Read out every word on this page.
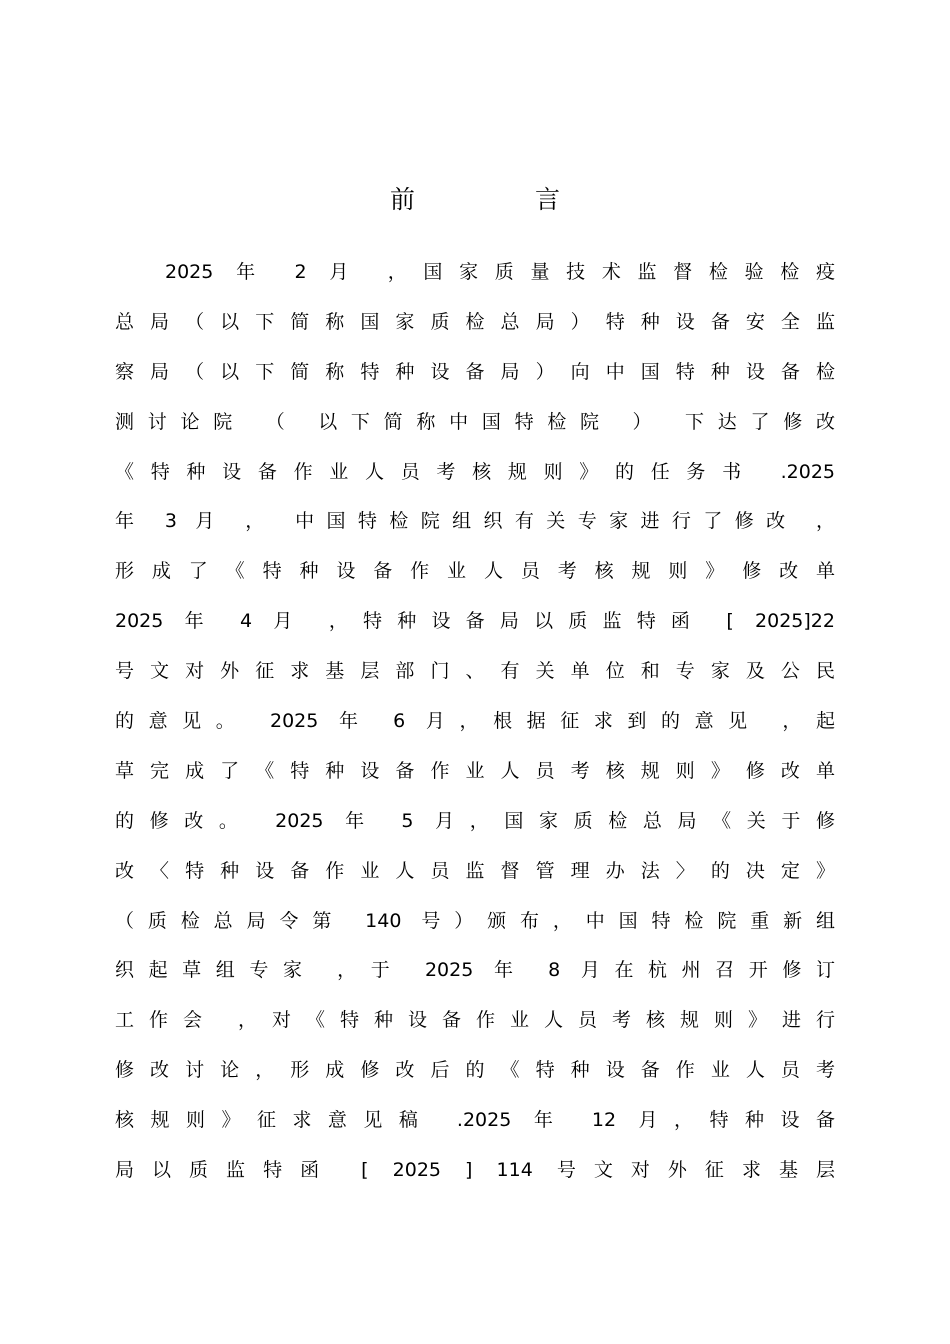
前 言
2025 年 2 月 ，国家质量技术监督检验检疫
总局（以下简称国家质检总局）特种设备安全监
察局（以下简称特种设备局）向中国特种设备检
测讨论院 （ 以下简称中国特检院 ） 下达了修改
《特种设备作业人员考核规则》的任务书 .2025
年 3 月 ， 中国特检院组织有关专家进行了修改 ，
形成了《特种设备作业人员考核规则》修改单
2025 年 4 月 ，特种设备局以质监特函 [ 2025]22
号文对外征求基层部门、有关单位和专家及公民
的意见。 2025 年 6 月，根据征求到的意见 ，起
草完成了《特种设备作业人员考核规则》修改单
的修改。 2025 年 5 月，国家质检总局《关于修
改〈特种设备作业人员监督管理办法〉的决定》
（质检总局令第 140 号）颁布，中国特检院重新组
织起草组专家 ，于 2025 年 8 月在杭州召开修订
工作会 ，对《特种设备作业人员考核规则》进行
修改讨论，形成修改后的《特种设备作业人员考
核规则》征求意见稿 .2025 年 12 月，特种设备
局以质监特函 [ 2025 ] 114 号文对外征求基层
